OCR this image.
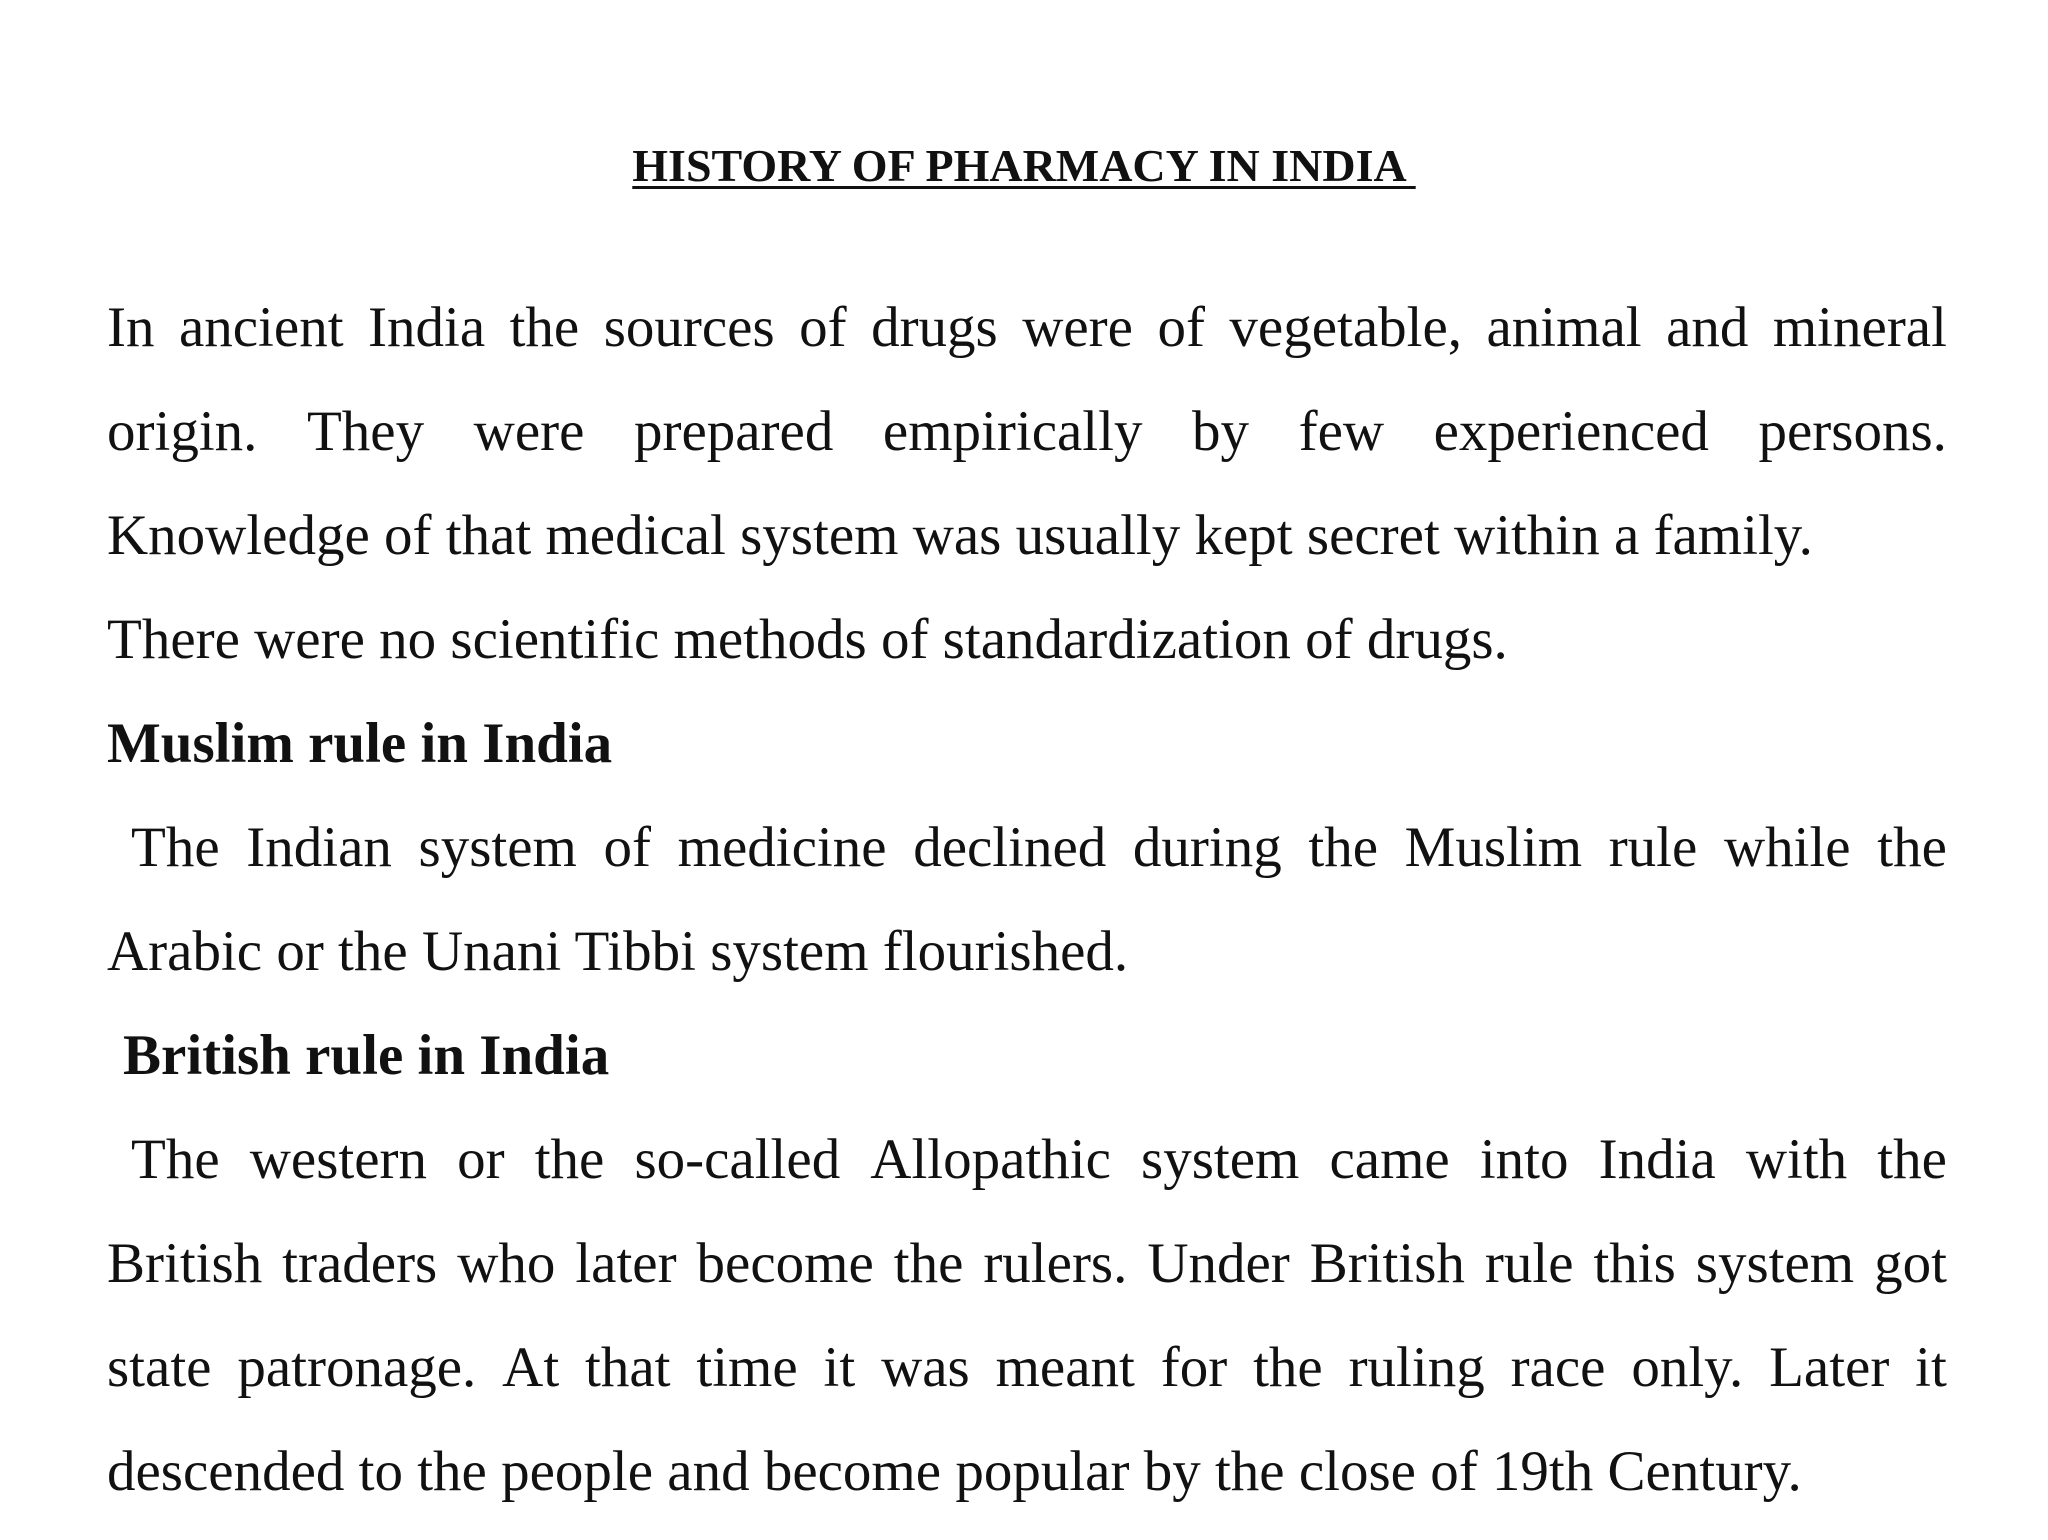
HISTORY OF PHARMACY IN INDIA
In ancient India the sources of drugs were of vegetable, animal and mineral
origin. They were prepared empirically by few experienced persons.
Knowledge of that medical system was usually kept secret within a family.
There were no scientific methods of standardization of drugs.
Muslim rule in India
The Indian system of medicine declined during the Muslim rule while the
Arabic or the Unani Tibbi system flourished.
British rule in India
The western or the so-called Allopathic system came into India with the
British traders who later become the rulers. Under British rule this system got
state patronage. At that time it was meant for the ruling race only. Later it
descended to the people and become popular by the close of 19th Century.
